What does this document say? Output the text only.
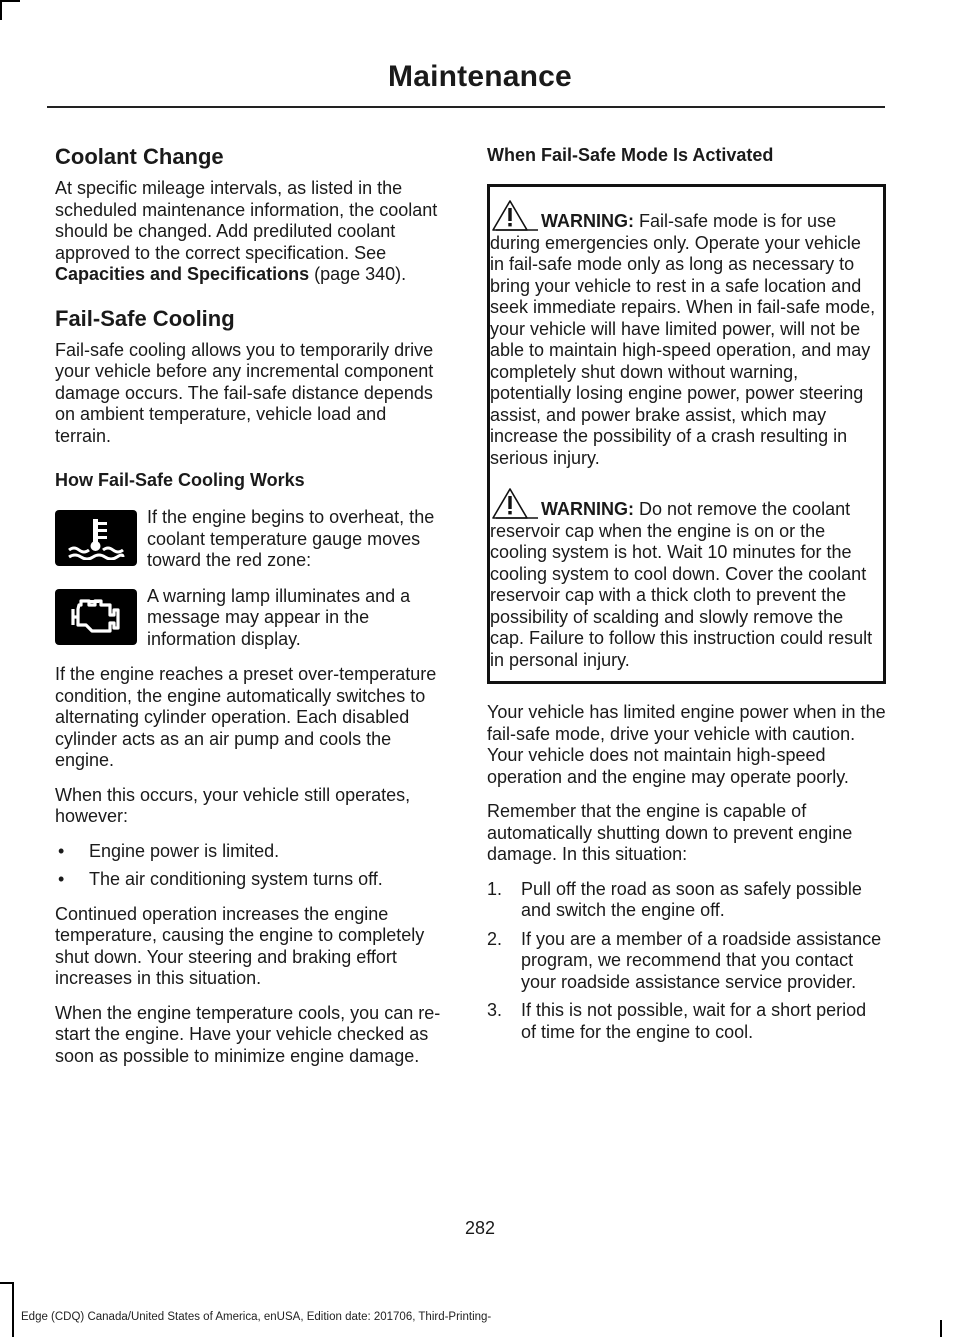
Maintenance
Coolant Change

At specific mileage intervals, as listed in the scheduled maintenance information, the coolant should be changed. Add prediluted coolant approved to the correct specification. See Capacities and Specifications (page 340).

Fail-Safe Cooling

Fail-safe cooling allows you to temporarily drive your vehicle before any incremental component damage occurs. The fail-safe distance depends on ambient temperature, vehicle load and terrain.

How Fail-Safe Cooling Works

If the engine begins to overheat, the coolant temperature gauge moves toward the red zone:

A warning lamp illuminates and a message may appear in the information display.

If the engine reaches a preset over-temperature condition, the engine automatically switches to alternating cylinder operation. Each disabled cylinder acts as an air pump and cools the engine.

When this occurs, your vehicle still operates, however:

• Engine power is limited.
• The air conditioning system turns off.

Continued operation increases the engine temperature, causing the engine to completely shut down. Your steering and braking effort increases in this situation.

When the engine temperature cools, you can re-start the engine. Have your vehicle checked as soon as possible to minimize engine damage.

When Fail-Safe Mode Is Activated
WARNING: Fail-safe mode is for use during emergencies only. Operate your vehicle in fail-safe mode only as long as necessary to bring your vehicle to rest in a safe location and seek immediate repairs. When in fail-safe mode, your vehicle will have limited power, will not be able to maintain high-speed operation, and may completely shut down without warning, potentially losing engine power, power steering assist, and power brake assist, which may increase the possibility of a crash resulting in serious injury.
WARNING: Do not remove the coolant reservoir cap when the engine is on or the cooling system is hot. Wait 10 minutes for the cooling system to cool down. Cover the coolant reservoir cap with a thick cloth to prevent the possibility of scalding and slowly remove the cap. Failure to follow this instruction could result in personal injury.

Your vehicle has limited engine power when in the fail-safe mode, drive your vehicle with caution. Your vehicle does not maintain high-speed operation and the engine may operate poorly.

Remember that the engine is capable of automatically shutting down to prevent engine damage. In this situation:

1. Pull off the road as soon as safely possible and switch the engine off.
2. If you are a member of a roadside assistance program, we recommend that you contact your roadside assistance service provider.
3. If this is not possible, wait for a short period of time for the engine to cool.
282
Edge (CDQ) Canada/United States of America, enUSA, Edition date: 201706, Third-Printing-
